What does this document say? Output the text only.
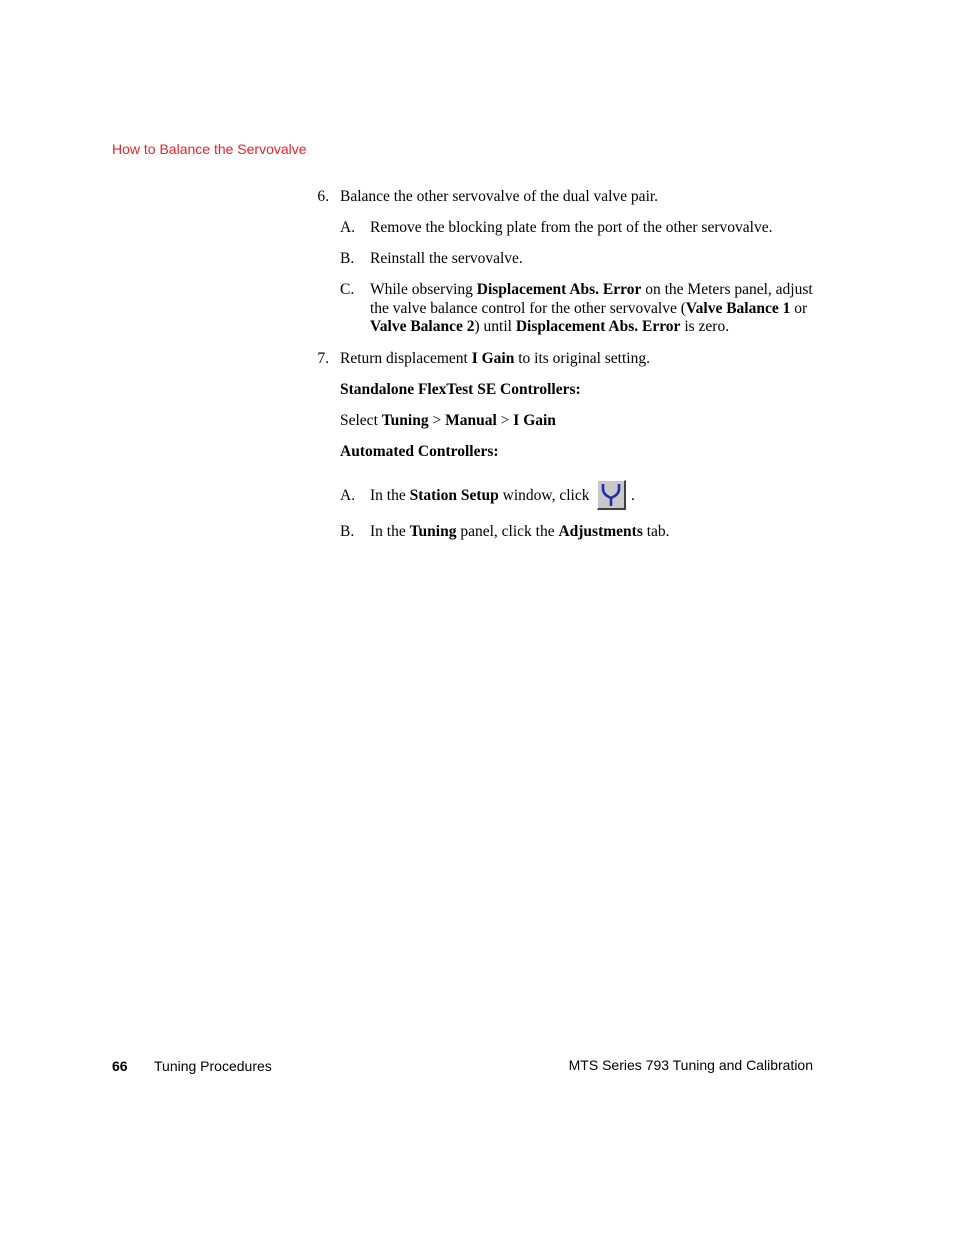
How to Balance the Servovalve
6. Balance the other servovalve of the dual valve pair.
A. Remove the blocking plate from the port of the other servovalve.
B. Reinstall the servovalve.
C. While observing Displacement Abs. Error on the Meters panel, adjust
the valve balance control for the other servovalve (Valve Balance 1 or
Valve Balance 2) until Displacement Abs. Error is zero.
7. Return displacement I Gain to its original setting.
Standalone FlexTest SE Controllers:
Select Tuning > Manual > I Gain
Automated Controllers:
A. In the Station Setup window, click	.
B. In the Tuning panel, click the Adjustments tab.
66 Tuning Procedures	MTS Series 793 Tuning and Calibration
